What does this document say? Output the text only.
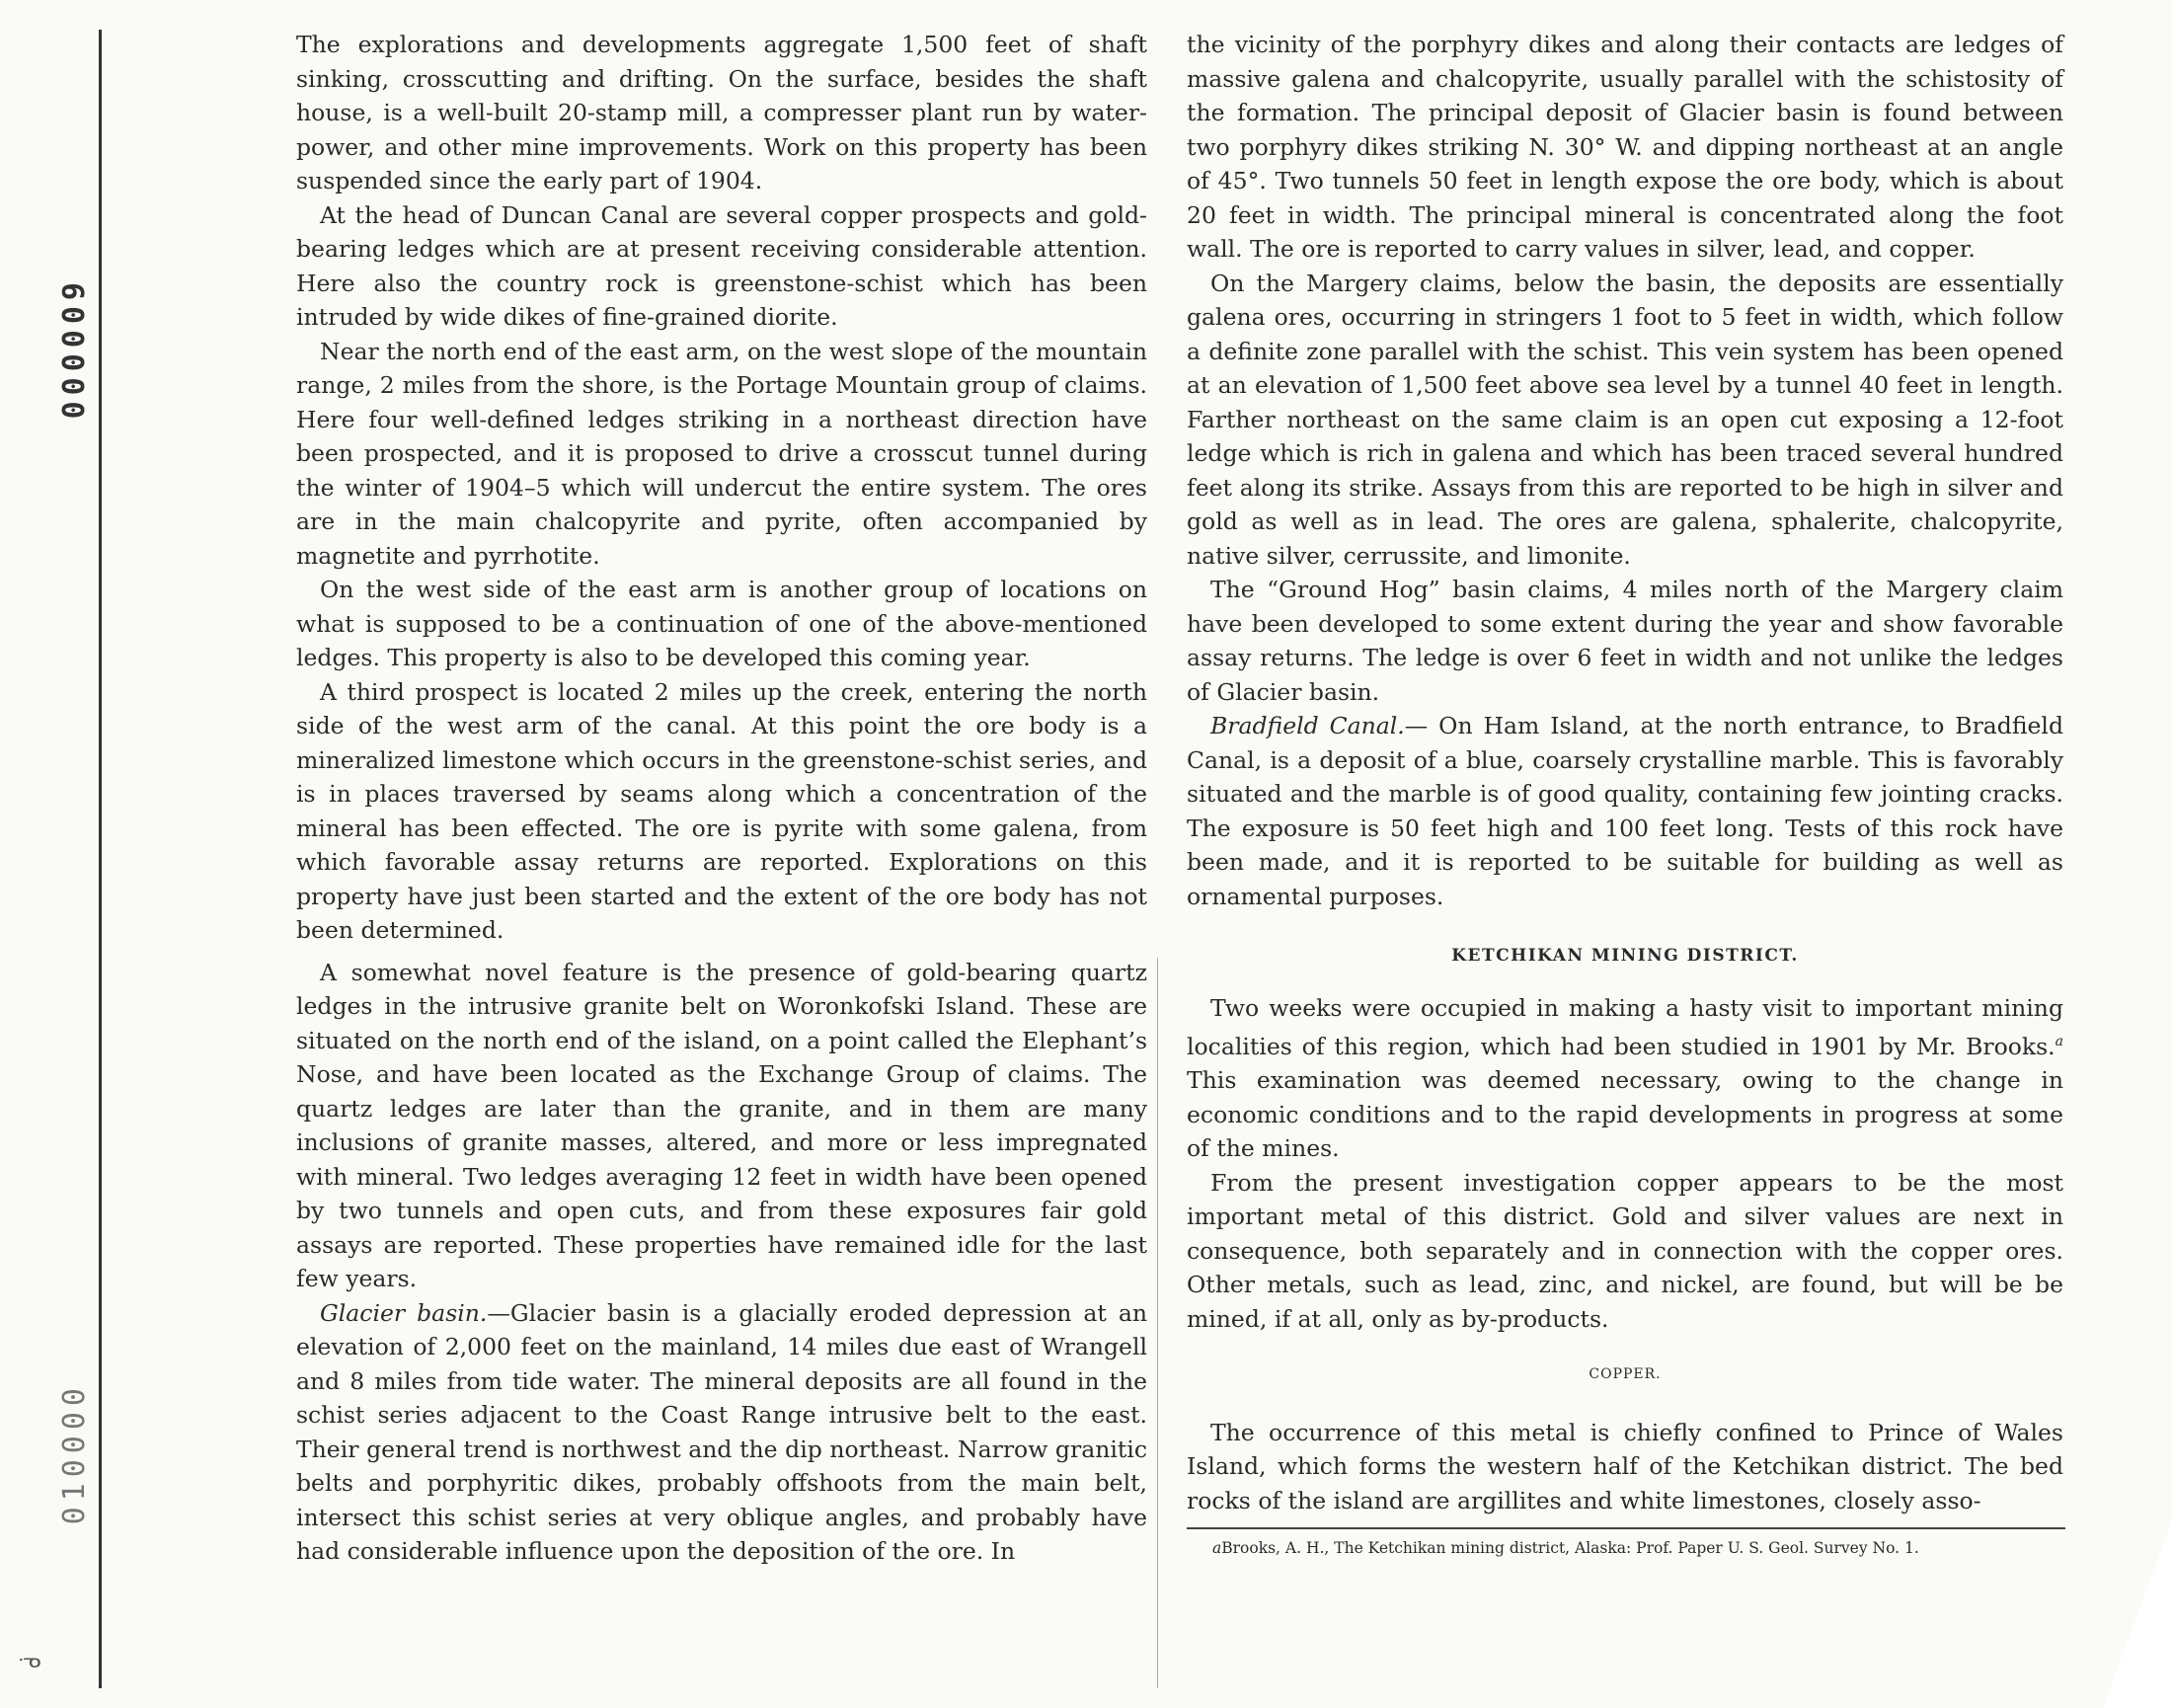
000009
010000
ᓉ

The explorations and developments aggregate 1,500 feet of shaft sinking, crosscutting and drifting. On the surface, besides the shaft house, is a well-built 20-stamp mill, a compresser plant run by water-power, and other mine improvements. Work on this property has been suspended since the early part of 1904.

At the head of Duncan Canal are several copper prospects and gold-bearing ledges which are at present receiving considerable attention. Here also the country rock is greenstone-schist which has been intruded by wide dikes of fine-grained diorite.

Near the north end of the east arm, on the west slope of the mountain range, 2 miles from the shore, is the Portage Mountain group of claims. Here four well-defined ledges striking in a northeast direction have been prospected, and it is proposed to drive a crosscut tunnel during the winter of 1904–5 which will undercut the entire system. The ores are in the main chalcopyrite and pyrite, often accompanied by magnetite and pyrrhotite.

On the west side of the east arm is another group of locations on what is supposed to be a continuation of one of the above-mentioned ledges. This property is also to be developed this coming year.

A third prospect is located 2 miles up the creek, entering the north side of the west arm of the canal. At this point the ore body is a mineralized limestone which occurs in the greenstone-schist series, and is in places traversed by seams along which a concentration of the mineral has been effected. The ore is pyrite with some galena, from which favorable assay returns are reported. Explorations on this property have just been started and the extent of the ore body has not been determined.

A somewhat novel feature is the presence of gold-bearing quartz ledges in the intrusive granite belt on Woronkofski Island. These are situated on the north end of the island, on a point called the Elephant’s Nose, and have been located as the Exchange Group of claims. The quartz ledges are later than the granite, and in them are many inclusions of granite masses, altered, and more or less impregnated with mineral. Two ledges averaging 12 feet in width have been opened by two tunnels and open cuts, and from these exposures fair gold assays are reported. These properties have remained idle for the last few years.

Glacier basin.—Glacier basin is a glacially eroded depression at an elevation of 2,000 feet on the mainland, 14 miles due east of Wrangell and 8 miles from tide water. The mineral deposits are all found in the schist series adjacent to the Coast Range intrusive belt to the east. Their general trend is northwest and the dip northeast. Narrow granitic belts and porphyritic dikes, probably offshoots from the main belt, intersect this schist series at very oblique angles, and probably have had considerable influence upon the deposition of the ore. In

the vicinity of the porphyry dikes and along their contacts are ledges of massive galena and chalcopyrite, usually parallel with the schistosity of the formation. The principal deposit of Glacier basin is found between two porphyry dikes striking N. 30° W. and dipping northeast at an angle of 45°. Two tunnels 50 feet in length expose the ore body, which is about 20 feet in width. The principal mineral is concentrated along the foot wall. The ore is reported to carry values in silver, lead, and copper.

On the Margery claims, below the basin, the deposits are essentially galena ores, occurring in stringers 1 foot to 5 feet in width, which follow a definite zone parallel with the schist. This vein system has been opened at an elevation of 1,500 feet above sea level by a tunnel 40 feet in length. Farther northeast on the same claim is an open cut exposing a 12-foot ledge which is rich in galena and which has been traced several hundred feet along its strike. Assays from this are reported to be high in silver and gold as well as in lead. The ores are galena, sphalerite, chalcopyrite, native silver, cerrussite, and limonite.

The “Ground Hog” basin claims, 4 miles north of the Margery claim have been developed to some extent during the year and show favorable assay returns. The ledge is over 6 feet in width and not unlike the ledges of Glacier basin.

Bradfield Canal.— On Ham Island, at the north entrance, to Bradfield Canal, is a deposit of a blue, coarsely crystalline marble. This is favorably situated and the marble is of good quality, containing few jointing cracks. The exposure is 50 feet high and 100 feet long. Tests of this rock have been made, and it is reported to be suitable for building as well as ornamental purposes.

KETCHIKAN MINING DISTRICT.

Two weeks were occupied in making a hasty visit to important mining localities of this region, which had been studied in 1901 by Mr. Brooks.$^a$ This examination was deemed necessary, owing to the change in economic conditions and to the rapid developments in progress at some of the mines.

From the present investigation copper appears to be the most important metal of this district. Gold and silver values are next in consequence, both separately and in connection with the copper ores. Other metals, such as lead, zinc, and nickel, are found, but will be be mined, if at all, only as by-products.

COPPER.

The occurrence of this metal is chiefly confined to Prince of Wales Island, which forms the western half of the Ketchikan district. The bed rocks of the island are argillites and white limestones, closely asso-

aBrooks, A. H., The Ketchikan mining district, Alaska: Prof. Paper U. S. Geol. Survey No. 1.
